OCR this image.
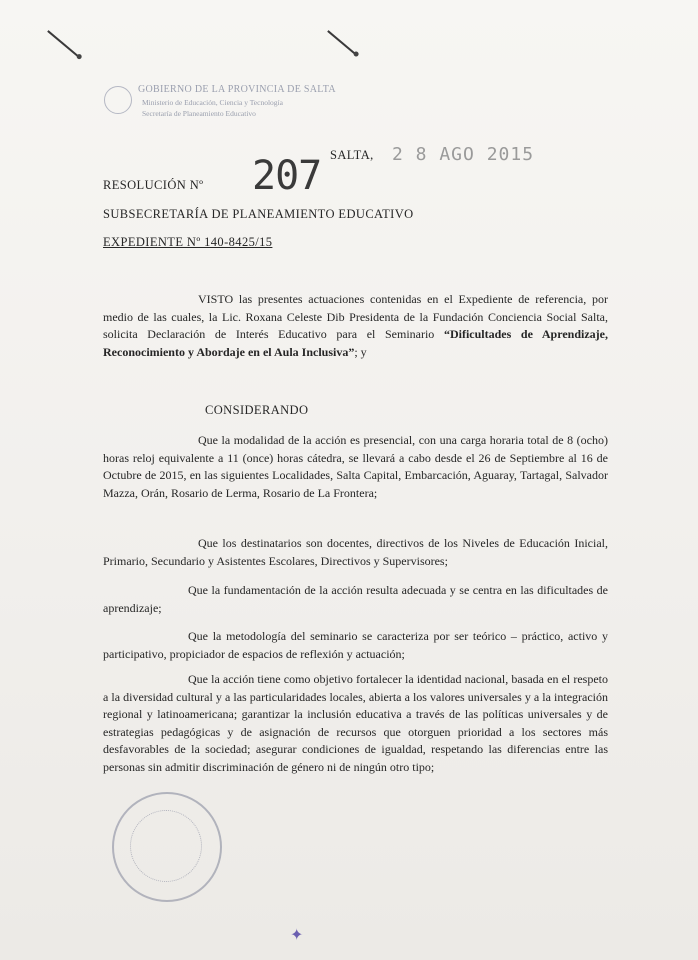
GOBIERNO DE LA PROVINCIA DE SALTA
Ministerio de Educación, Ciencia y Tecnología
Secretaría de Planeamiento Educativo
SALTA, 2 8 AGO 2015
RESOLUCIÓN Nº 207
SUBSECRETARÍA DE PLANEAMIENTO EDUCATIVO
EXPEDIENTE Nº 140-8425/15
VISTO las presentes actuaciones contenidas en el Expediente de referencia, por medio de las cuales, la Lic. Roxana Celeste Dib Presidenta de la Fundación Conciencia Social Salta, solicita Declaración de Interés Educativo para el Seminario “Dificultades de Aprendizaje, Reconocimiento y Abordaje en el Aula Inclusiva”; y
CONSIDERANDO
Que la modalidad de la acción es presencial, con una carga horaria total de 8 (ocho) horas reloj equivalente a 11 (once) horas cátedra, se llevará a cabo desde el 26 de Septiembre al 16 de Octubre de 2015, en las siguientes Localidades, Salta Capital, Embarcación, Aguaray, Tartagal, Salvador Mazza, Orán, Rosario de Lerma, Rosario de La Frontera;
Que los destinatarios son docentes, directivos de los Niveles de Educación Inicial, Primario, Secundario y Asistentes Escolares, Directivos y Supervisores;
Que la fundamentación de la acción resulta adecuada y se centra en las dificultades de aprendizaje;
Que la metodología del seminario se caracteriza por ser teórico – práctico, activo y participativo, propiciador de espacios de reflexión y actuación;
Que la acción tiene como objetivo fortalecer la identidad nacional, basada en el respeto a la diversidad cultural y a las particularidades locales, abierta a los valores universales y a la integración regional y latinoamericana; garantizar la inclusión educativa a través de las políticas universales y de estrategias pedagógicas y de asignación de recursos que otorguen prioridad a los sectores más desfavorables de la sociedad; asegurar condiciones de igualdad, respetando las diferencias entre las personas sin admitir discriminación de género ni de ningún otro tipo;
✦
